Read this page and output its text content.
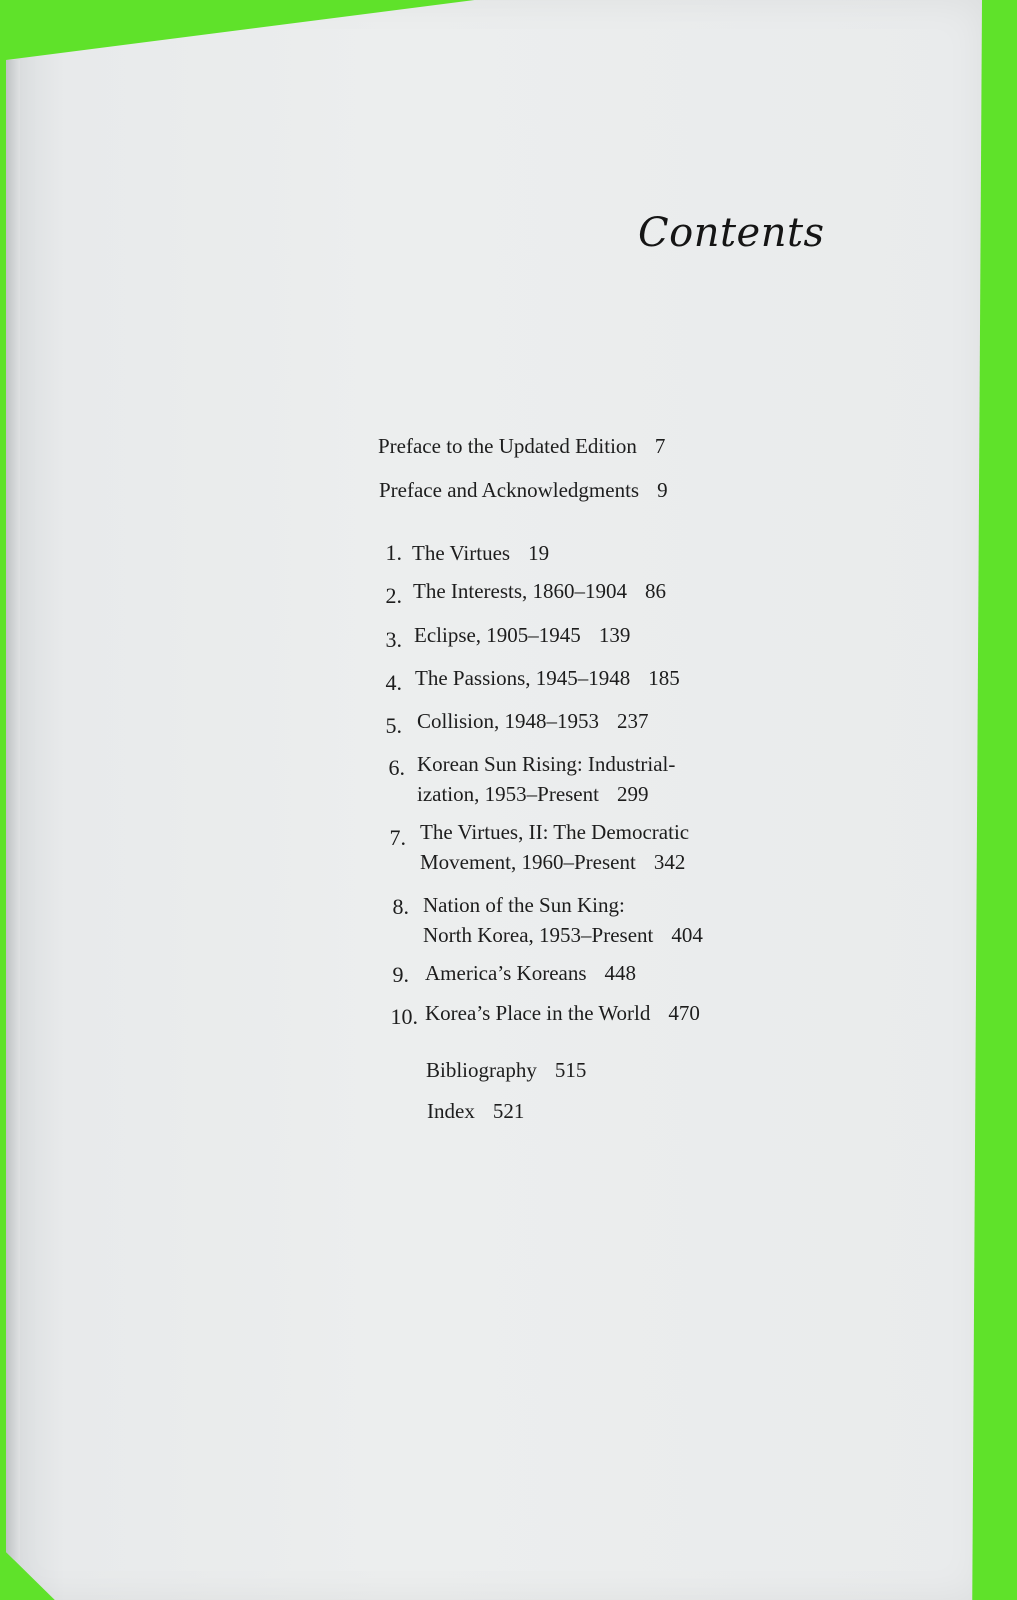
Contents
Preface to the Updated Edition 7
Preface and Acknowledgments 9
1. The Virtues 19
2. The Interests, 1860–1904 86
3. Eclipse, 1905–1945 139
4. The Passions, 1945–1948 185
5. Collision, 1948–1953 237
6. Korean Sun Rising: Industrial-
ization, 1953–Present 299
7. The Virtues, II: The Democratic
Movement, 1960–Present 342
8. Nation of the Sun King:
North Korea, 1953–Present 404
9. America’s Koreans 448
10. Korea’s Place in the World 470
Bibliography 515
Index 521
